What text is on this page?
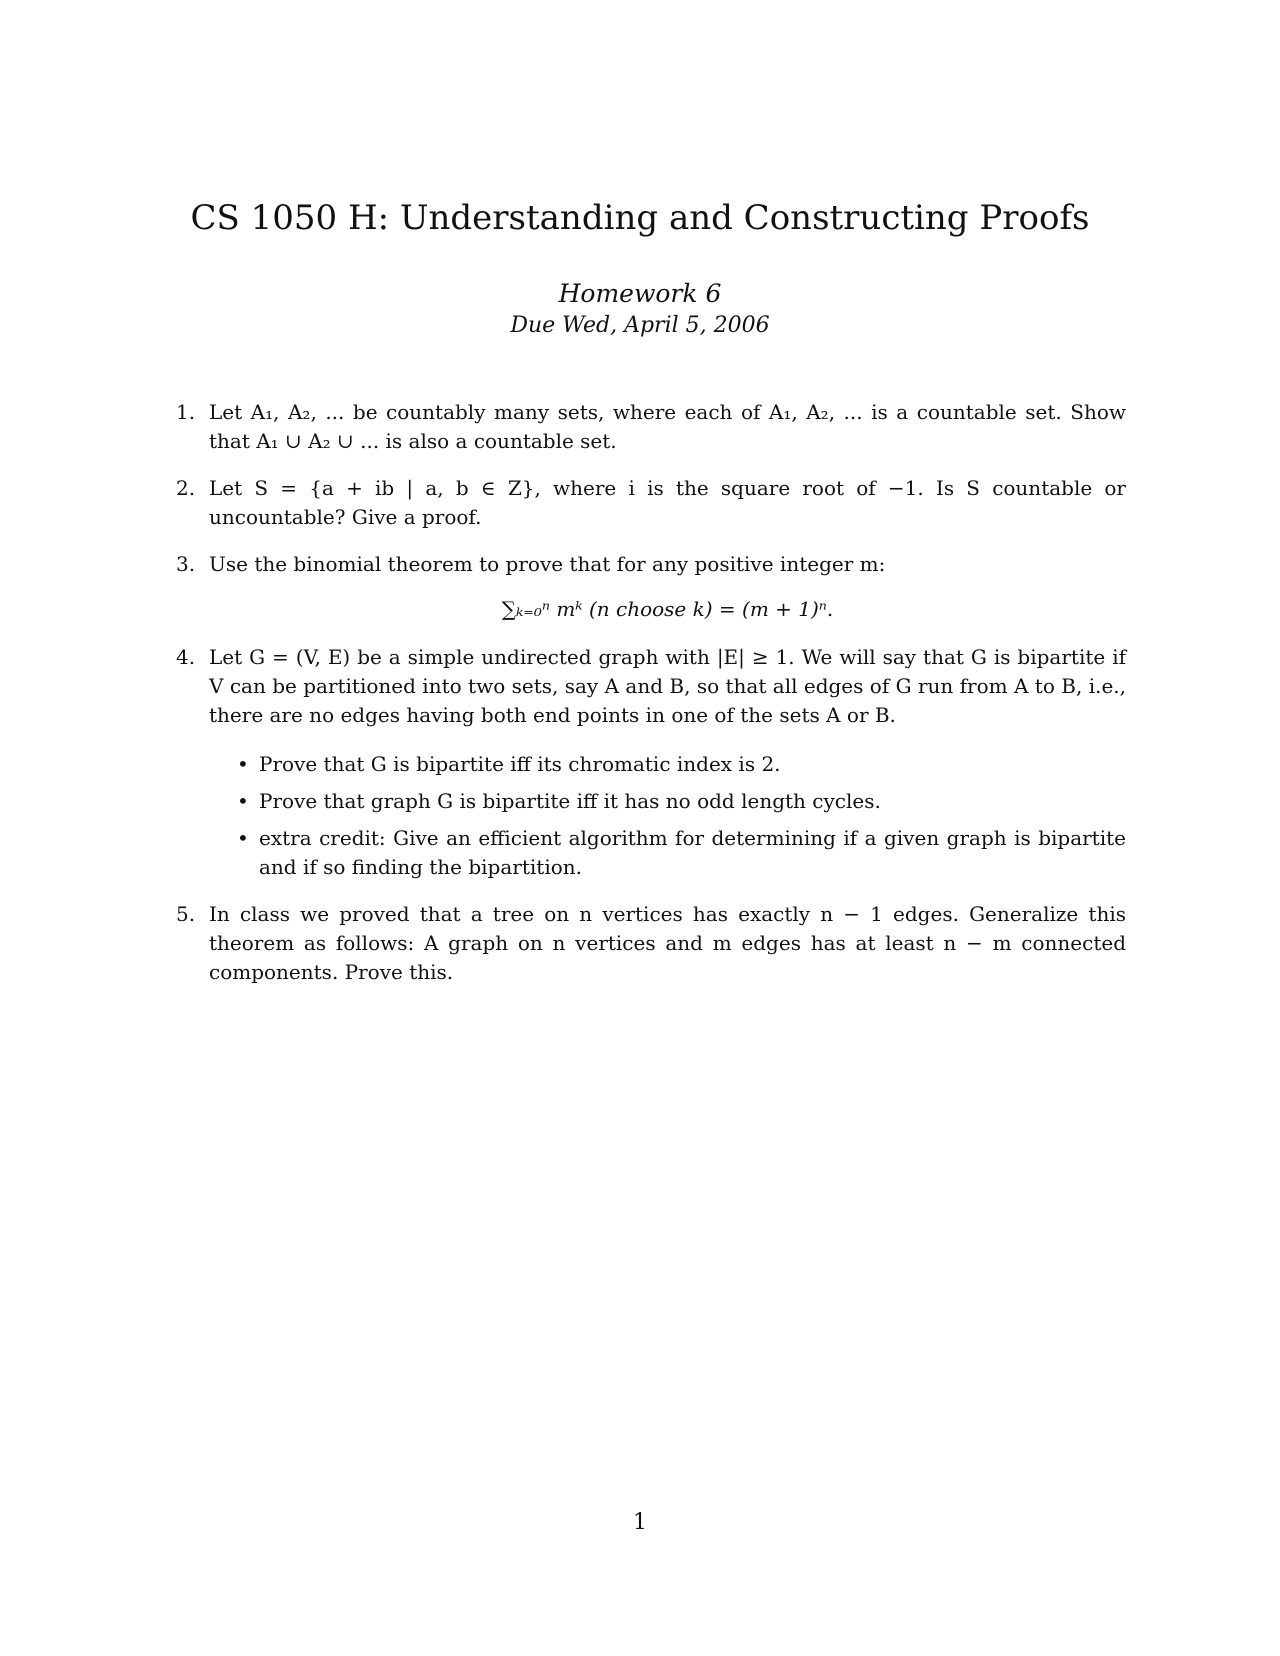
CS 1050 H: Understanding and Constructing Proofs
Homework 6
Due Wed, April 5, 2006
1. Let A₁, A₂, ... be countably many sets, where each of A₁, A₂, ... is a countable set. Show that A₁ ∪ A₂ ∪ ... is also a countable set.
2. Let S = {a + ib | a, b ∈ Z}, where i is the square root of −1. Is S countable or uncountable? Give a proof.
3. Use the binomial theorem to prove that for any positive integer m:
∑ₖ₌₀ⁿ mᵏ (n choose k) = (m + 1)ⁿ.
4. Let G = (V, E) be a simple undirected graph with |E| ≥ 1. We will say that G is bipartite if V can be partitioned into two sets, say A and B, so that all edges of G run from A to B, i.e., there are no edges having both end points in one of the sets A or B.
• Prove that G is bipartite iff its chromatic index is 2.
• Prove that graph G is bipartite iff it has no odd length cycles.
• extra credit: Give an efficient algorithm for determining if a given graph is bipartite and if so finding the bipartition.
5. In class we proved that a tree on n vertices has exactly n − 1 edges. Generalize this theorem as follows: A graph on n vertices and m edges has at least n − m connected components. Prove this.
1
